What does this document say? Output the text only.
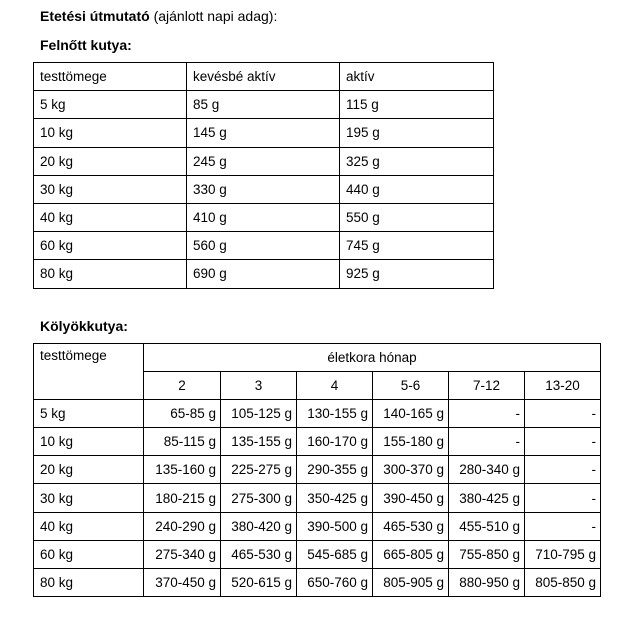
Etetési útmutató (ajánlott napi adag):

Felnőtt kutya:

testtömege	kevésbé aktív	aktív
5 kg	85 g	115 g
10 kg	145 g	195 g
20 kg	245 g	325 g
30 kg	330 g	440 g
40 kg	410 g	550 g
60 kg	560 g	745 g
80 kg	690 g	925 g

Kölyökkutya:

testtömege	életkora hónap					
	2	3	4	5-6	7-12	13-20
5 kg	65-85 g	105-125 g	130-155 g	140-165 g	-	-
10 kg	85-115 g	135-155 g	160-170 g	155-180 g	-	-
20 kg	135-160 g	225-275 g	290-355 g	300-370 g	280-340 g	-
30 kg	180-215 g	275-300 g	350-425 g	390-450 g	380-425 g	-
40 kg	240-290 g	380-420 g	390-500 g	465-530 g	455-510 g	-
60 kg	275-340 g	465-530 g	545-685 g	665-805 g	755-850 g	710-795 g
80 kg	370-450 g	520-615 g	650-760 g	805-905 g	880-950 g	805-850 g
